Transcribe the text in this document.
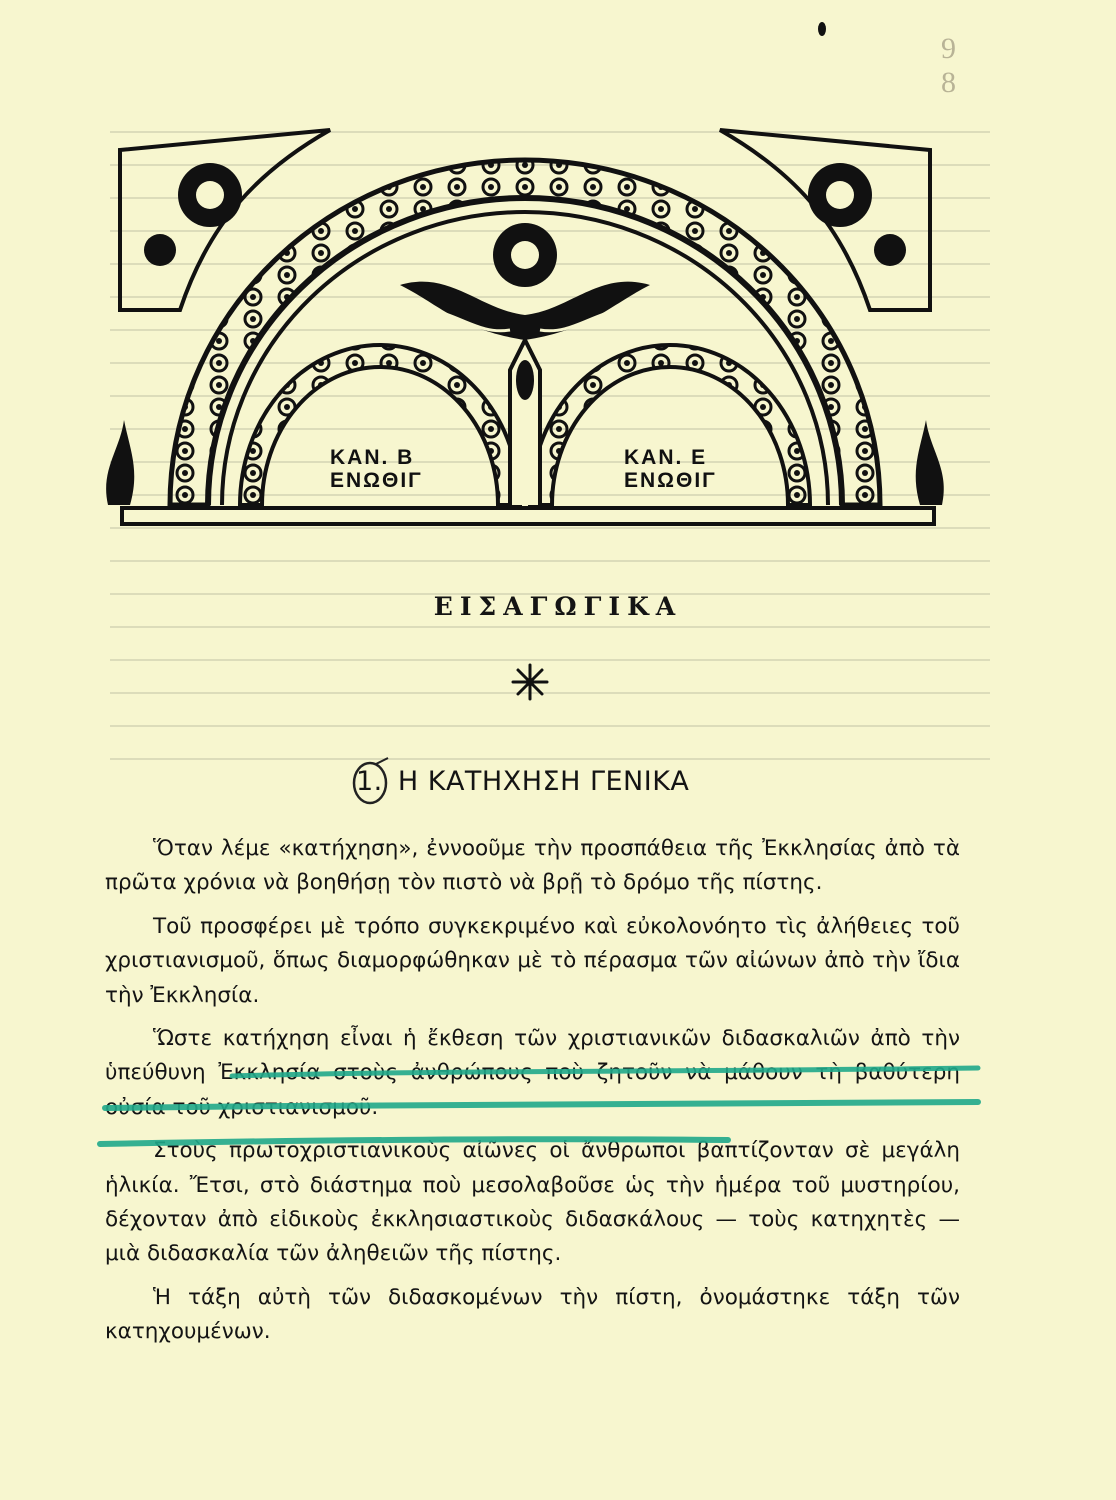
9
8
ΚΑΝ. Β
ΕΝΩΘΙΓ
ΚΑΝ. Ε
ΕΝΩΘΙΓ
ΕΙΣΑΓΩΓΙΚΑ
1. Η ΚΑΤΗΧΗΣΗ ΓΕΝΙΚΑ

Ὅταν λέμε «κατήχηση», ἐννοοῦμε τὴν προσπάθεια τῆς Ἐκκλησίας ἀπὸ τὰ πρῶτα χρόνια νὰ βοηθήσῃ τὸν πιστὸ νὰ βρῇ τὸ δρόμο τῆς πίστης.

Τοῦ προσφέρει μὲ τρόπο συγκεκριμένο καὶ εὐκολονόητο τὶς ἀλήθειες τοῦ χριστιανισμοῦ, ὅπως διαμορφώθηκαν μὲ τὸ πέρασμα τῶν αἰώνων ἀπὸ τὴν ἴδια τὴν Ἐκκλησία.

Ὥστε κατήχηση εἶναι ἡ ἔκθεση τῶν χριστιανικῶν διδασκαλιῶν ἀπὸ τὴν ὑπεύθυνη Ἐκκλησία στοὺς ἀνθρώπους ποὺ ζητοῦν νὰ μάθουν τὴ βαθύτερη οὐσία τοῦ χριστιανισμοῦ.

Στοὺς πρωτοχριστιανικοὺς αἰῶνες οἱ ἄνθρωποι βαπτίζονταν σὲ μεγάλη ἡλικία. Ἔτσι, στὸ διάστημα ποὺ μεσολαβοῦσε ὡς τὴν ἡμέρα τοῦ μυστηρίου, δέχονταν ἀπὸ εἰδικοὺς ἐκκλησιαστικοὺς διδασκάλους — τοὺς κατηχητὲς — μιὰ διδασκαλία τῶν ἀληθειῶν τῆς πίστης.

Ἡ τάξη αὐτὴ τῶν διδασκομένων τὴν πίστη, ὀνομάστηκε τάξη τῶν κατηχουμένων.
